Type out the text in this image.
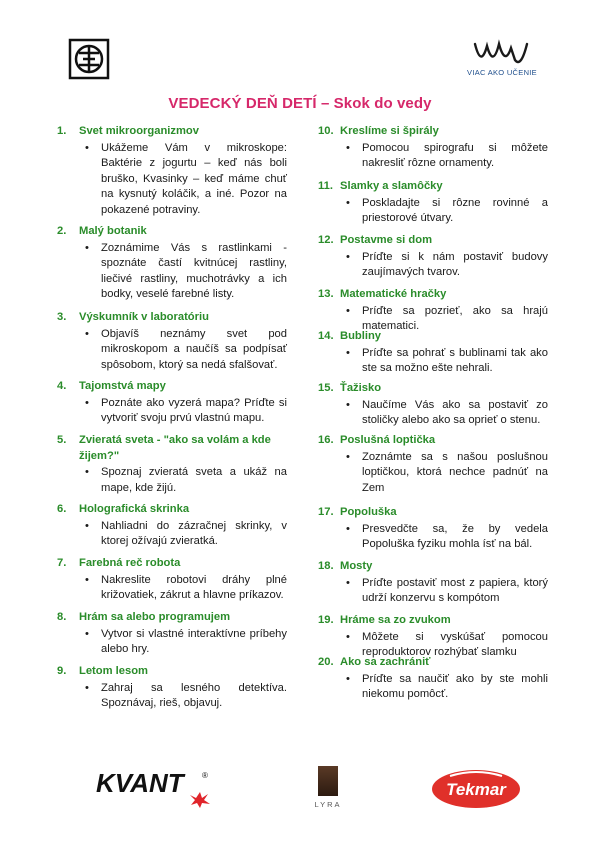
VIAC AKO UČENIE
VEDECKÝ DEŇ DETÍ – Skok do vedy
1. Svet mikroorganizmov
• Ukážeme Vám v mikroskope: Baktérie z jogurtu – keď nás boli bruško, Kvasinky – keď máme chuť na kysnutý koláčik, a iné. Pozor na pokazené potraviny.
2. Malý botanik
• Zoznámime Vás s rastlinkami - spoznáte častí kvitnúcej rastliny, liečivé rastliny, muchotrávky a ich bodky, veselé farebné listy.
3. Výskumník v laboratóriu
• Objavíš neznámy svet pod mikroskopom a naučíš sa podpísať spôsobom, ktorý sa nedá sfalšovať.
4. Tajomstvá mapy
• Poznáte ako vyzerá mapa? Príďte si vytvoriť svoju prvú vlastnú mapu.
5. Zvieratá sveta - "ako sa volám a kde žijem?"
• Spoznaj zvieratá sveta a ukáž na mape, kde žijú.
6. Holografická skrinka
• Nahliadni do zázračnej skrinky, v ktorej ožívajú zvieratká.
7. Farebná reč robota
• Nakreslite robotovi dráhy plné križovatiek, zákrut a hlavne príkazov.
8. Hrám sa alebo programujem
• Vytvor si vlastné interaktívne príbehy alebo hry.
9. Letom lesom
• Zahraj sa lesného detektíva. Spoznávaj, rieš, objavuj.
10. Kreslíme si špirály
• Pomocou spirografu si môžete nakresliť rôzne ornamenty.
11. Slamky a slamôčky
• Poskladajte si rôzne rovinné a priestorové útvary.
12. Postavme si dom
• Príďte si k nám postaviť budovy zaujímavých tvarov.
13. Matematické hračky
• Príďte sa pozrieť, ako sa hrajú matematici.
14. Bubliny
• Príďte sa pohrať s bublinami tak ako ste sa možno ešte nehrali.
15. Ťažisko
• Naučíme Vás ako sa postaviť zo stoličky alebo ako sa oprieť o stenu.
16. Poslušná loptička
• Zoznámte sa s našou poslušnou loptičkou, ktorá nechce padnúť na Zem
17. Popoluška
• Presvedčte sa, že by vedela Popoluška fyziku mohla ísť na bál.
18. Mosty
• Príďte postaviť most z papiera, ktorý udrží konzervu s kompótom
19. Hráme sa zo zvukom
• Môžete si vyskúšať pomocou reproduktorov rozhýbať slamku
20. Ako sa zachrániť
• Príďte sa naučiť ako by ste mohli niekomu pomôcť.
KVANT ®
LYRA
Tekmar
